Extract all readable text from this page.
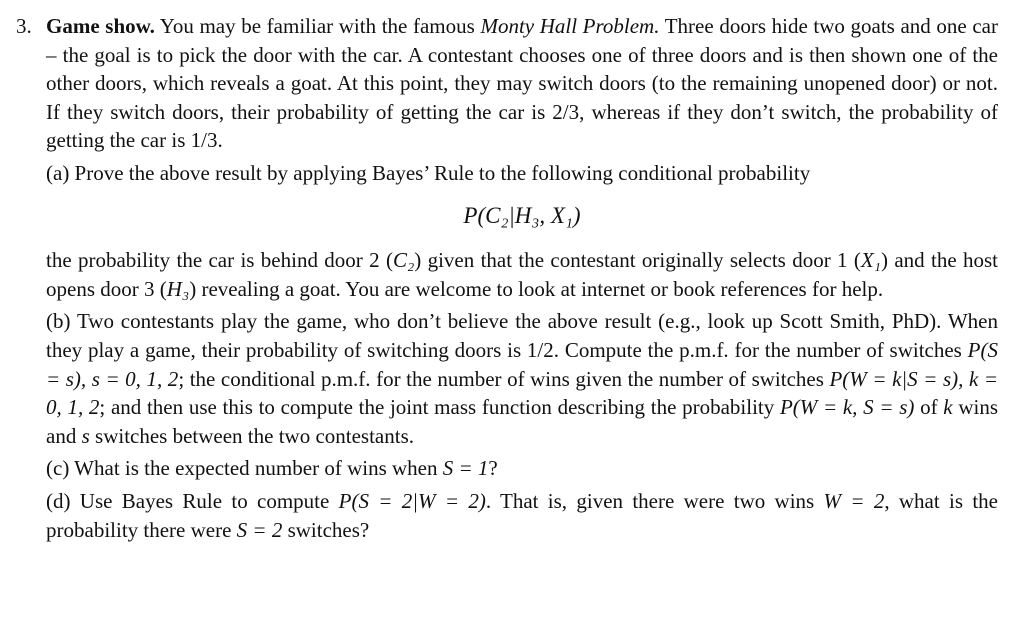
3. Game show. You may be familiar with the famous Monty Hall Problem. Three doors hide two goats and one car – the goal is to pick the door with the car. A contestant chooses one of three doors and is then shown one of the other doors, which reveals a goat. At this point, they may switch doors (to the remaining unopened door) or not. If they switch doors, their probability of getting the car is 2/3, whereas if they don’t switch, the probability of getting the car is 1/3.

(a) Prove the above result by applying Bayes’ Rule to the following conditional probability

P(C₂|H₃, X₁)

the probability the car is behind door 2 (C₂) given that the contestant originally selects door 1 (X₁) and the host opens door 3 (H₃) revealing a goat. You are welcome to look at internet or book references for help.

(b) Two contestants play the game, who don’t believe the above result (e.g., look up Scott Smith, PhD). When they play a game, their probability of switching doors is 1/2. Compute the p.m.f. for the number of switches P(S = s), s = 0, 1, 2; the conditional p.m.f. for the number of wins given the number of switches P(W = k|S = s), k = 0, 1, 2; and then use this to compute the joint mass function describing the probability P(W = k, S = s) of k wins and s switches between the two contestants.

(c) What is the expected number of wins when S = 1?

(d) Use Bayes Rule to compute P(S = 2|W = 2). That is, given there were two wins W = 2, what is the probability there were S = 2 switches?
